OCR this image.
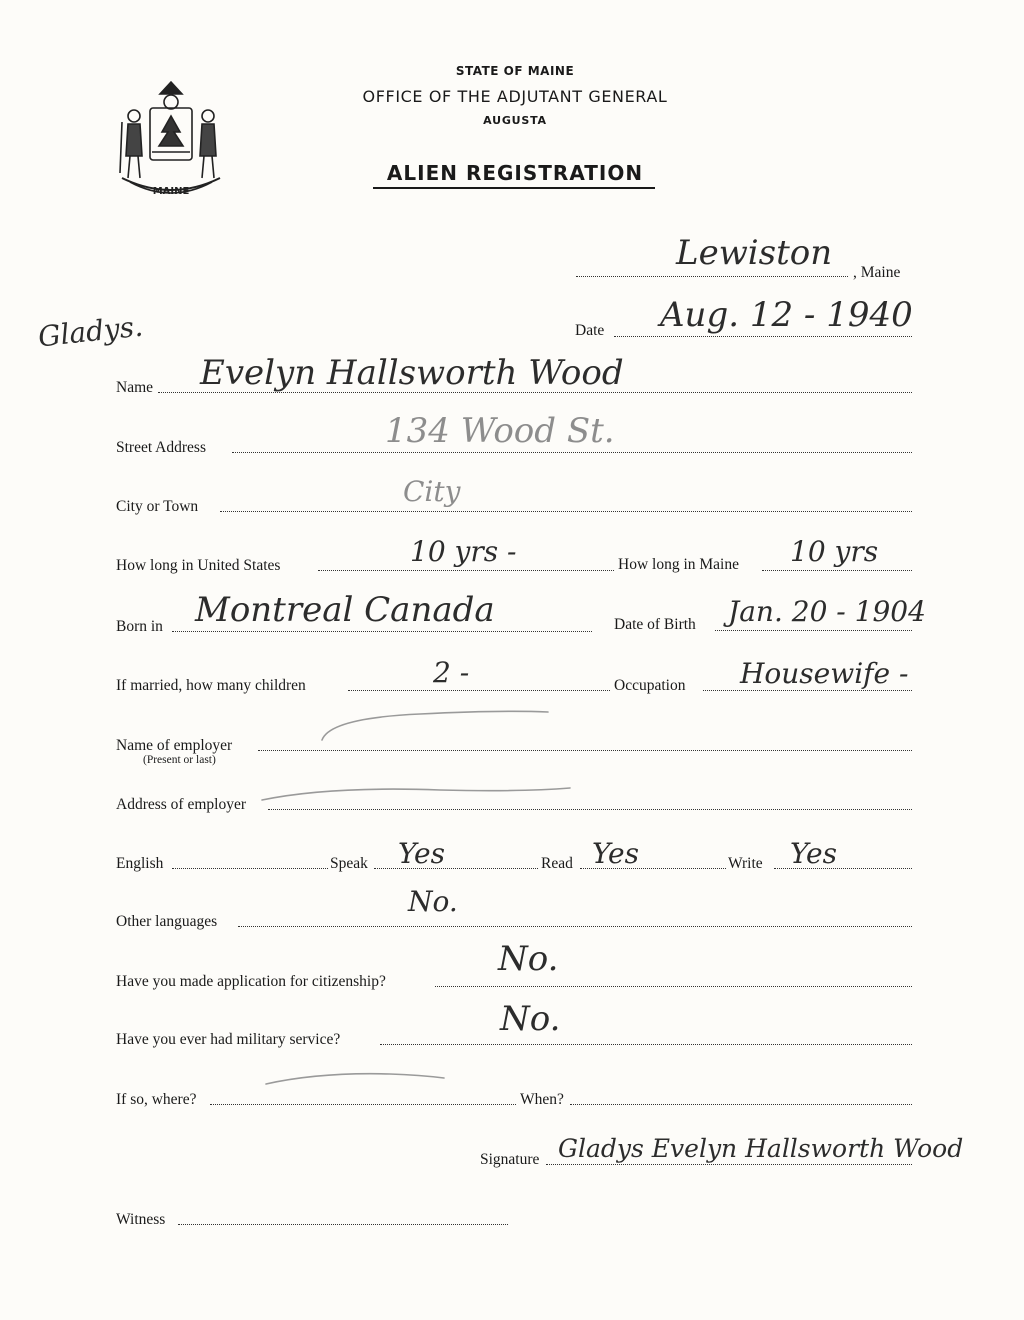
MAINE
STATE OF MAINE
OFFICE OF THE ADJUTANT GENERAL
AUGUSTA
ALIEN REGISTRATION
, Maine
Lewiston
Date Aug. 12 - 1940
Gladys.
Name Evelyn Hallsworth Wood
Street Address	134 Wood St.
City or Town	City
How long in United States	10 yrs -	How long in Maine 10 yrs
Born in Montreal Canada	Date of Birth Jan. 20 - 1904
If married, how many children	2 -	Occupation Housewife -
Name of employer
(Present or last)
Address of employer
English	Speak Yes	Read Yes	Write Yes
Other languages
No.
Have you made application for citizenship?
No.
Have you ever had military service?
No.
If so, where?	When?
Signature Gladys Evelyn Hallsworth Wood
Witness
